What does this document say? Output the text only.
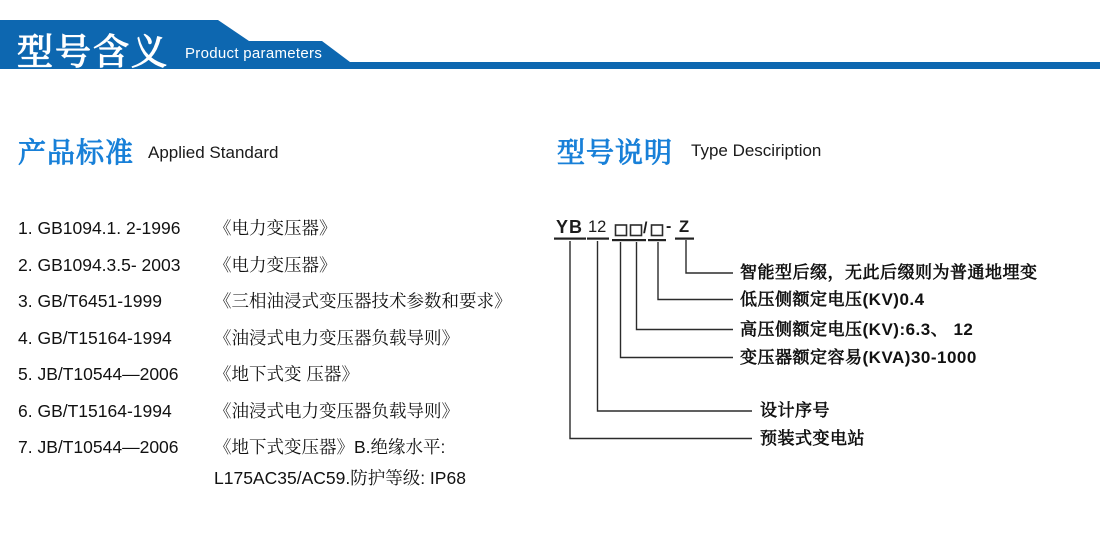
型号含义 Product parameters
产品标准 Applied Standard
1. GB1094.1. 2-1996	《电力变压器》
2. GB1094.3.5- 2003	《电力变压器》
3. GB/T6451-1999	《三相油浸式变压器技术参数和要求》
4. GB/T15164-1994	《油浸式电力变压器负载导则》
5. JB/T10544—2006	《地下式变 压器》
6. GB/T15164-1994	《油浸式电力变压器负载导则》
7. JB/T10544—2006	《地下式变压器》B.绝缘水平:
L175AC35/AC59.防护等级: IP68
型号说明 Type Desciription
YB 12 / - Z
智能型后缀，无此后缀则为普通地埋变
低压侧额定电压(KV)0.4
高压侧额定电压(KV):6.3、 12
变压器额定容易(KVA)30-1000
设计序号
预装式变电站
